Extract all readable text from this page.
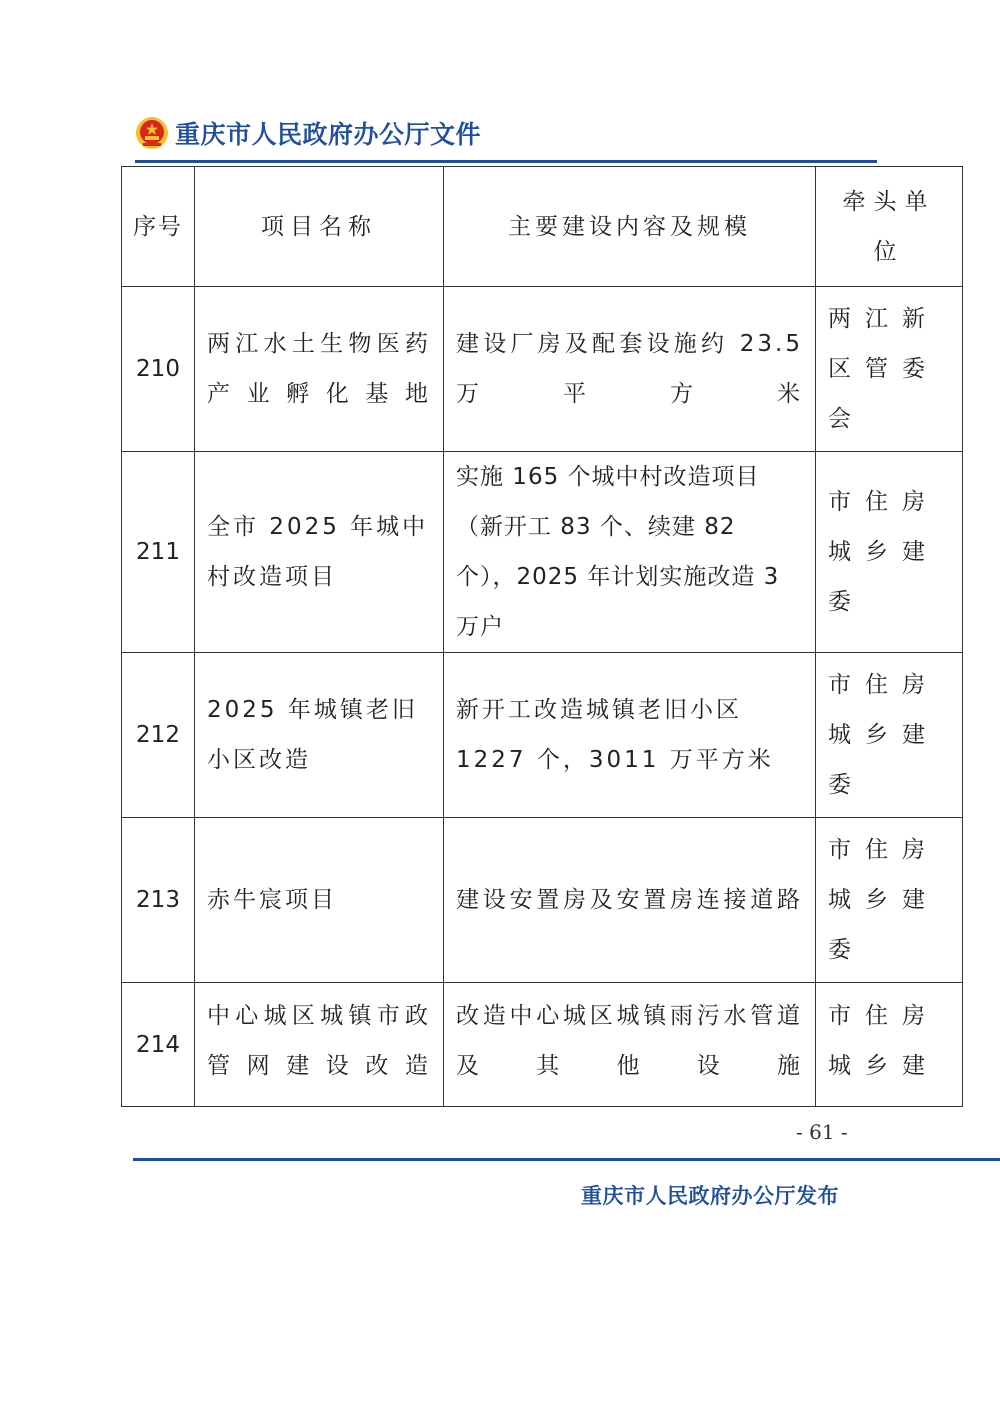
重庆市人民政府办公厅文件
序号	项目名称	主要建设内容及规模	牵头单
位

210	两江水土生物医药产业孵化基地	建设厂房及配套设施约 23.5 万平方米	两江新区管委会

211	全市 2025 年城中村改造项目	实施 165 个城中村改造项目（新开工 83 个、续建 82 个），2025 年计划实施改造 3 万户	市住房城乡建委

212	2025 年城镇老旧小区改造	新开工改造城镇老旧小区 1227 个，3011 万平方米	市住房城乡建委

213	赤牛宸项目	建设安置房及安置房连接道路	市住房城乡建委

214	中心城区城镇市政管网建设改造	改造中心城区城镇雨污水管道及其他设施	市住房城乡建
- 61 -
重庆市人民政府办公厅发布
